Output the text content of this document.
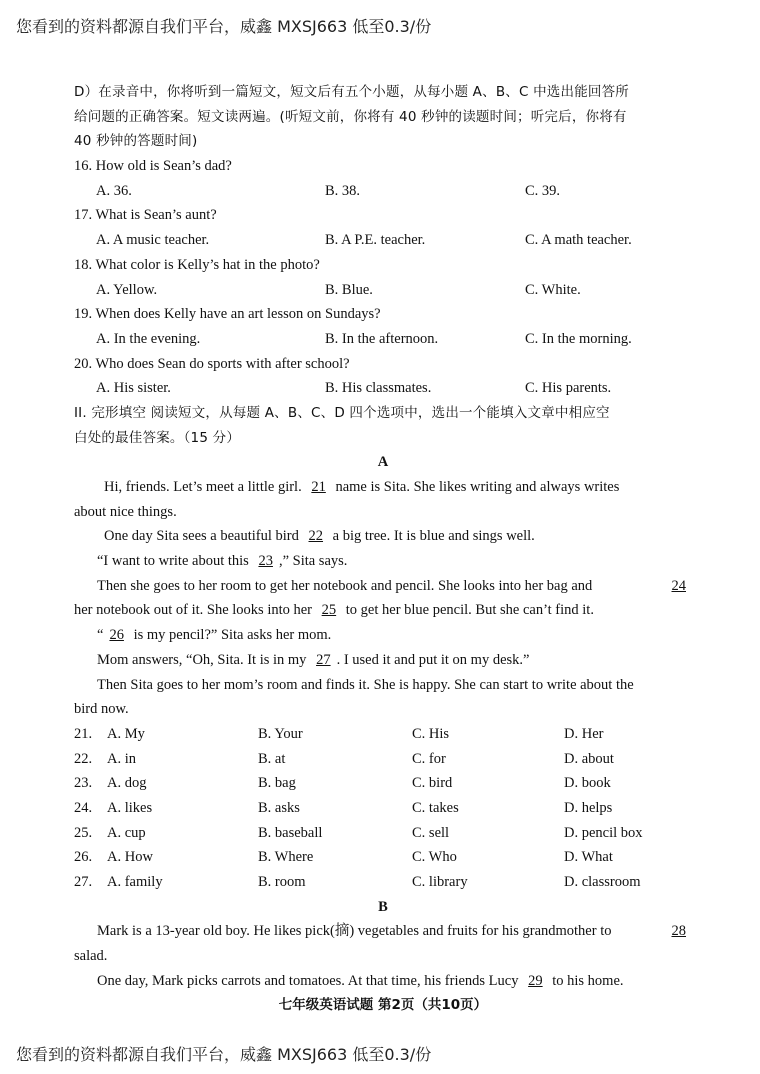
您看到的资料都源自我们平台，威鑫 MXSJ663 低至0.3/份
D）在录音中，你将听到一篇短文，短文后有五个小题，从每小题 A、B、C 中选出能回答所
给问题的正确答案。短文读两遍。(听短文前，你将有 40 秒钟的读题时间；听完后，你将有
40 秒钟的答题时间)
16. How old is Sean’s dad?
A. 36.	B. 38.	C. 39.
17. What is Sean’s aunt?
A. A music teacher.	B. A P.E. teacher.	C. A math teacher.
18. What color is Kelly’s hat in the photo?
A. Yellow.	B. Blue.	C. White.
19. When does Kelly have an art lesson on Sundays?
A. In the evening.	B. In the afternoon.	C. In the morning.
20. Who does Sean do sports with after school?
A. His sister.	B. His classmates.	C. His parents.
II. 完形填空 阅读短文，从每题 A、B、C、D 四个选项中，选出一个能填入文章中相应空
白处的最佳答案。（15 分）
A
Hi, friends. Let’s meet a little girl. 21 name is Sita. She likes writing and always writes
about nice things.
One day Sita sees a beautiful bird 22 a big tree. It is blue and sings well.
“I want to write about this 23 ,” Sita says.
Then she goes to her room to get her notebook and pencil. She looks into her bag and	24
her notebook out of it. She looks into her 25 to get her blue pencil. But she can’t find it.
“ 26 is my pencil?” Sita asks her mom.
Mom answers, “Oh, Sita. It is in my 27 . I used it and put it on my desk.”
Then Sita goes to her mom’s room and finds it. She is happy. She can start to write about the
bird now.
21. A. My	B. Your	C. His	D. Her
22. A. in	B. at	C. for	D. about
23. A. dog	B. bag	C. bird	D. book
24. A. likes	B. asks	C. takes	D. helps
25. A. cup	B. baseball	C. sell	D. pencil box
26. A. How	B. Where	C. Who	D. What
27. A. family	B. room	C. library	D. classroom
B
Mark is a 13-year old boy. He likes pick(摘) vegetables and fruits for his grandmother to	28
salad.
One day, Mark picks carrots and tomatoes. At that time, his friends Lucy 29 to his home.
七年级英语试题 第2页（共10页）
您看到的资料都源自我们平台，威鑫 MXSJ663 低至0.3/份
